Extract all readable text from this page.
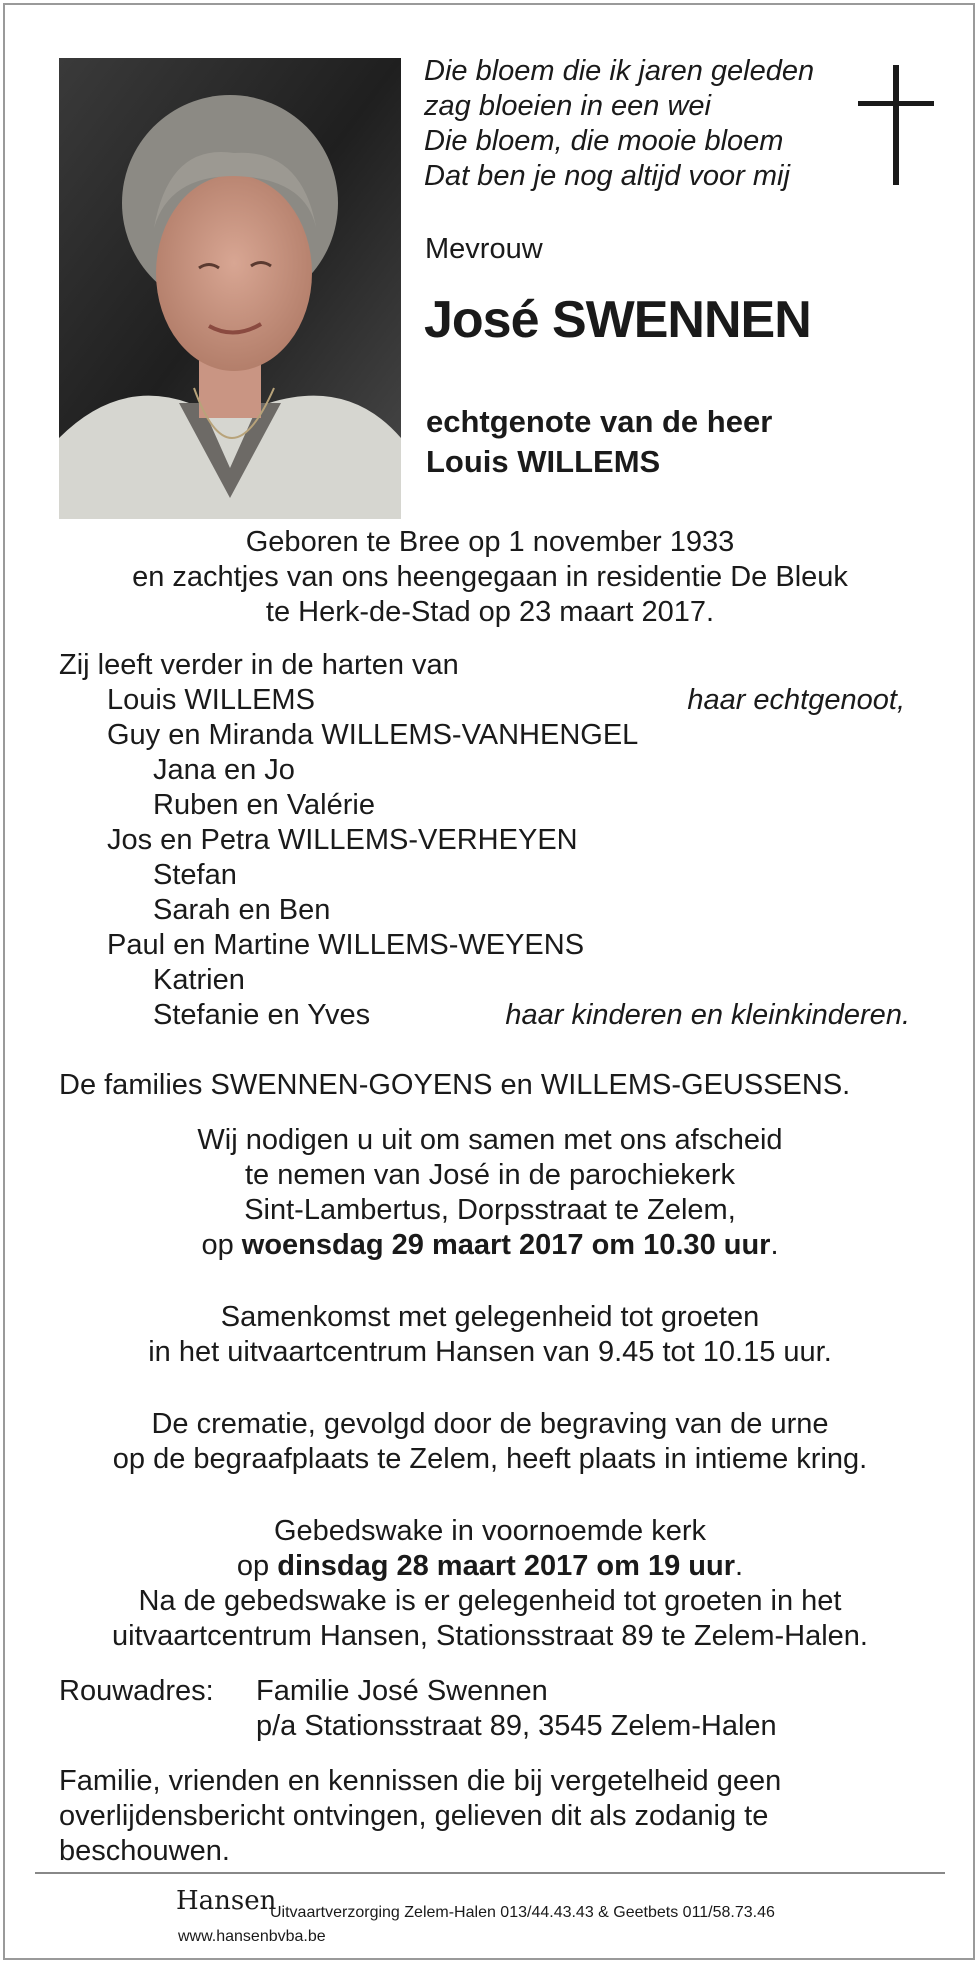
Die bloem die ik jaren geleden
zag bloeien in een wei
Die bloem, die mooie bloem
Dat ben je nog altijd voor mij
Mevrouw
José SWENNEN
echtgenote van de heer
Louis WILLEMS
Geboren te Bree op 1 november 1933
en zachtjes van ons heengegaan in residentie De Bleuk
te Herk-de-Stad op 23 maart 2017.
Zij leeft verder in de harten van
Louis WILLEMS	haar echtgenoot,
Guy en Miranda WILLEMS-VANHENGEL
Jana en Jo
Ruben en Valérie
Jos en Petra WILLEMS-VERHEYEN
Stefan
Sarah en Ben
Paul en Martine WILLEMS-WEYENS
Katrien
Stefanie en Yves	haar kinderen en kleinkinderen.
De families SWENNEN-GOYENS en WILLEMS-GEUSSENS.
Wij nodigen u uit om samen met ons afscheid
te nemen van José in de parochiekerk
Sint-Lambertus, Dorpsstraat te Zelem,
op woensdag 29 maart 2017 om 10.30 uur.
Samenkomst met gelegenheid tot groeten
in het uitvaartcentrum Hansen van 9.45 tot 10.15 uur.
De crematie, gevolgd door de begraving van de urne
op de begraafplaats te Zelem, heeft plaats in intieme kring.
Gebedswake in voornoemde kerk
op dinsdag 28 maart 2017 om 19 uur.
Na de gebedswake is er gelegenheid tot groeten in het
uitvaartcentrum Hansen, Stationsstraat 89 te Zelem-Halen.
Rouwadres: Familie José Swennen
p/a Stationsstraat 89, 3545 Zelem-Halen
Familie, vrienden en kennissen die bij vergetelheid geen
overlijdensbericht ontvingen, gelieven dit als zodanig te
beschouwen.
Hansen
Uitvaartverzorging Zelem-Halen 013/44.43.43 & Geetbets 011/58.73.46
www.hansenbvba.be
